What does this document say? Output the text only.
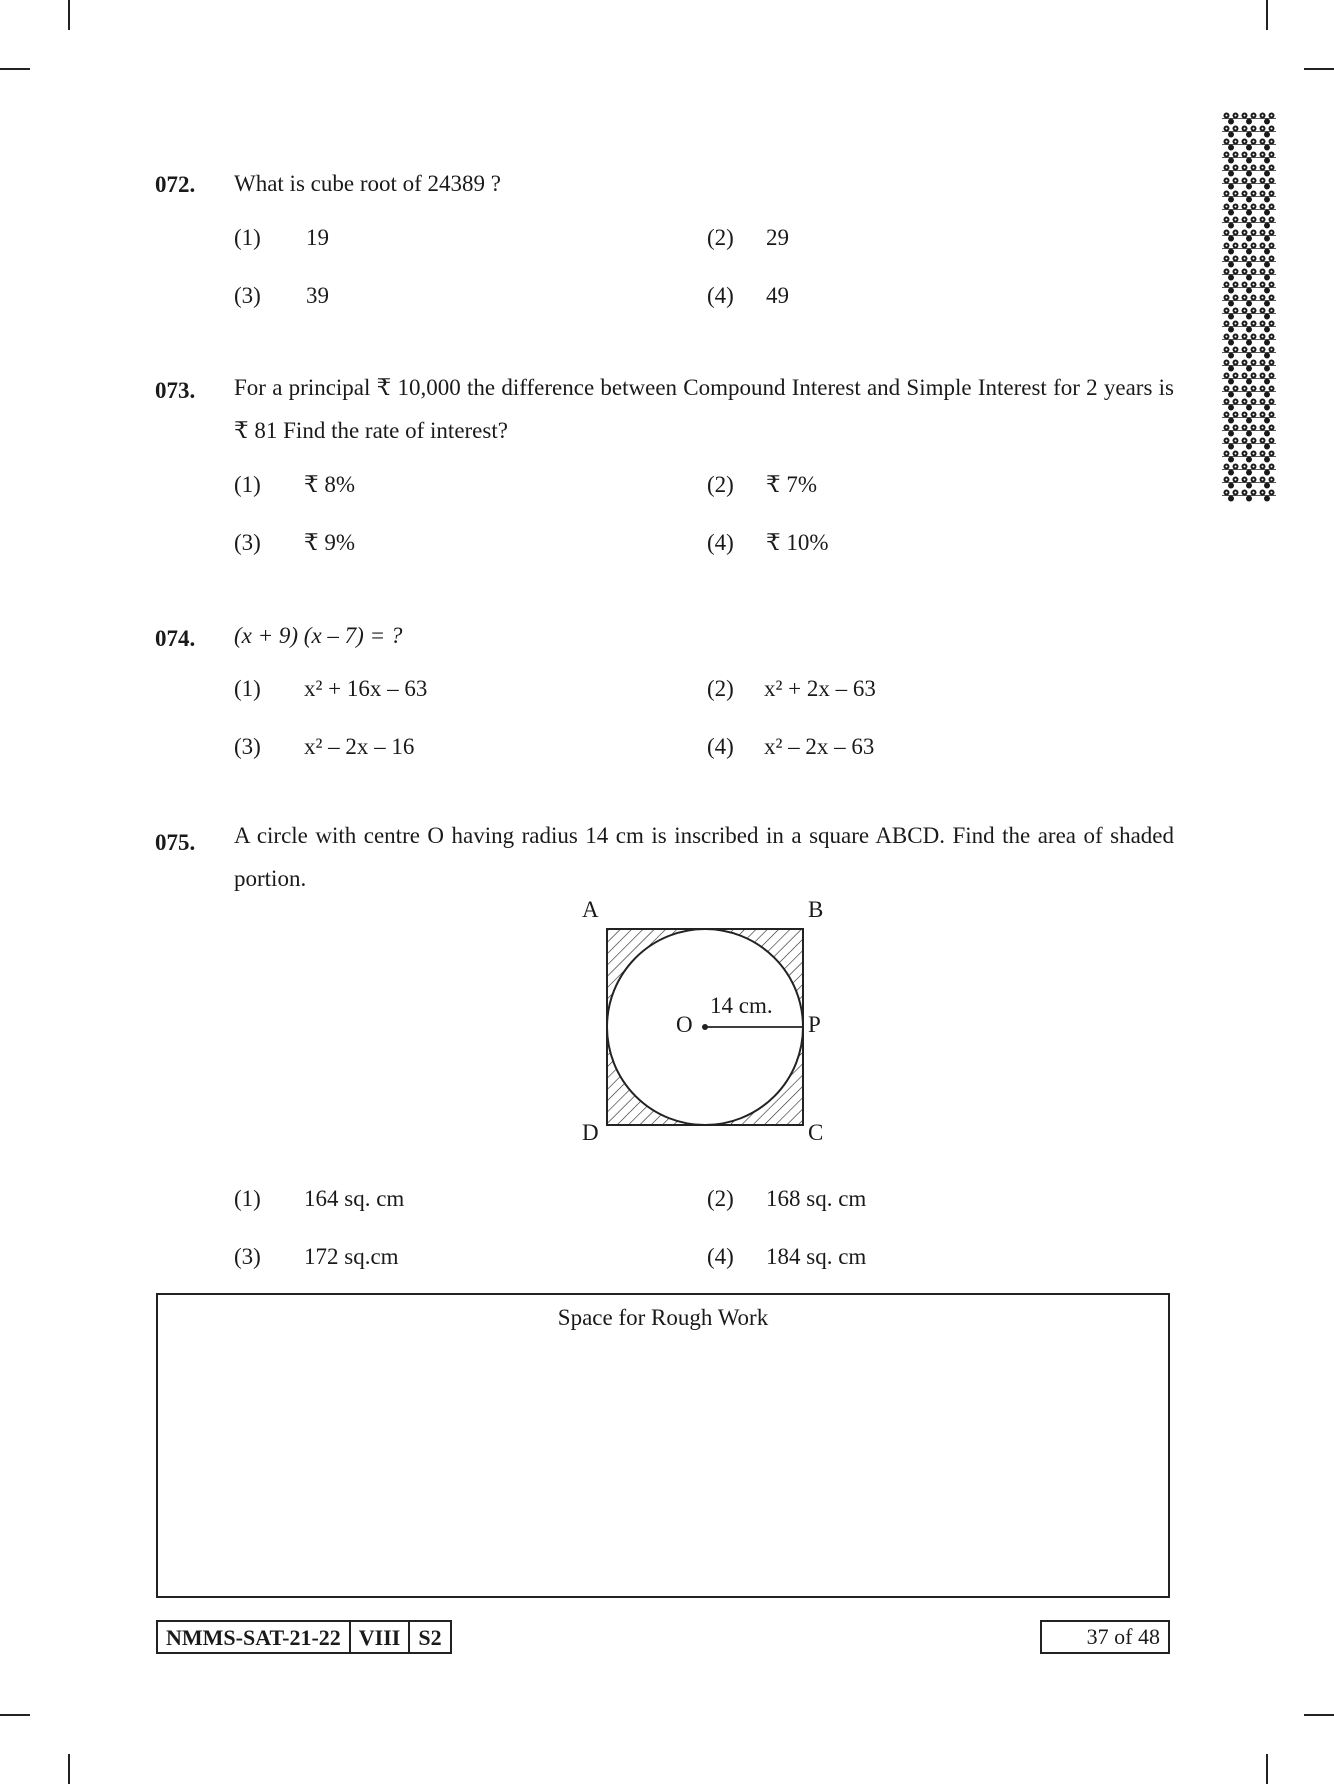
072. What is cube root of 24389 ?
(1) 19	(2) 29
(3) 39	(4) 49
073. For a principal ₹ 10,000 the difference between Compound Interest and Simple Interest for 2 years is ₹ 81 Find the rate of interest?
(1) ₹ 8%	(2) ₹ 7%
(3) ₹ 9%	(4) ₹ 10%
074. (x + 9) (x – 7) = ?
(1) x² + 16x – 63	(2) x² + 2x – 63
(3) x² – 2x – 16	(4) x² – 2x – 63
075. A circle with centre O having radius 14 cm is inscribed in a square ABCD. Find the area of shaded portion.
A	B
C
D
O	P
14 cm.
(1) 164 sq. cm	(2) 168 sq. cm
(3) 172 sq.cm	(4) 184 sq. cm
Space for Rough Work
NMMS-SAT-21-22 VIII S2	37 of 48
